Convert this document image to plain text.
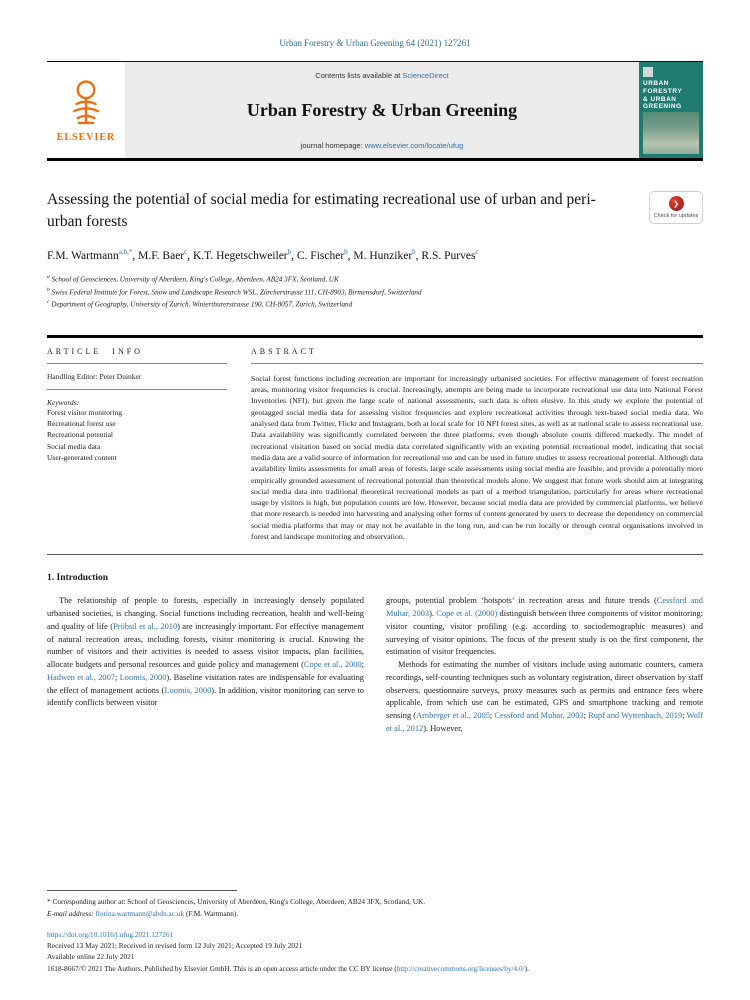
Urban Forestry & Urban Greening 64 (2021) 127261
ELSEVIER
Contents lists available at ScienceDirect
Urban Forestry & Urban Greening
journal homepage: www.elsevier.com/locate/ufug
URBAN
FORESTRY
& URBAN
GREENING
Assessing the potential of social media for estimating recreational use of urban and peri-urban forests
❯
Check for updates
F.M. Wartmann$^{a,b,*}$, M.F. Baer$^c$, K.T. Hegetschweiler$^b$, C. Fischer$^b$, M. Hunziker$^b$, R.S. Purves$^c$
$^a$ School of Geosciences, University of Aberdeen, King's College, Aberdeen, AB24 3FX, Scotland, UK
$^b$ Swiss Federal Institute for Forest, Snow and Landscape Research WSL, Zürcherstrasse 111, CH-8903, Birmensdorf, Switzerland
$^c$ Department of Geography, University of Zurich, Winterthurerstrasse 190, CH-8057, Zurich, Switzerland
ARTICLE INFO
Handling Editor: Peter Duinker
Keywords:
Forest visitor monitoring
Recreational forest use
Recreational potential
Social media data
User-generated content
ABSTRACT
Social forest functions including recreation are important for increasingly urbanised societies. For effective management of forest recreation areas, monitoring visitor frequencies is crucial. Increasingly, attempts are being made to incorporate recreational use data into National Forest Inventories (NFI), but given the large scale of national assessments, such data is often elusive. In this study we explore the potential of geotagged social media data for assessing visitor frequencies and explore recreational activities through text-based social media data. We analysed data from Twitter, Flickr and Instagram, both at local scale for 10 NFI forest sites, as well as at national scale to assess recreational use. Data availability was significantly correlated between the three platforms, even though absolute counts differed markedly. The model of recreational visitation based on social media data correlated significantly with an existing potential recreational model, indicating that social media data are a valid source of information for recreational use and can be used in future studies to assess recreational potential. Although data availability limits assessments for small areas of forests, large scale assessments using social media are feasible, and provide a potentially more empirically grounded assessment of recreational potential than theoretical models alone. We suggest that future work should aim at integrating social media data into traditional theoretical recreational models as part of a method triangulation, particularly for areas where recreational usage by visitors is high, but population counts are low. However, because social media data are provided by commercial platforms, we believe that more research is needed into harvesting and analysing other forms of content generated by users to decrease the dependency on commercial social media platforms that may or may not be available in the long run, and can be run locally or through central organisations involved in forest and landscape monitoring and observation.
1. Introduction

The relationship of people to forests, especially in increasingly densely populated urbanised societies, is changing. Social functions including recreation, health and well-being and quality of life (Pröbstl et al., 2010) are increasingly important. For effective management of natural recreation areas, including forests, visitor monitoring is crucial. Knowing the number of visitors and their activities is needed to assess visitor impacts, plan facilities, allocate budgets and personal resources and guide policy and management (Cope et al., 2000; Hadwen et al., 2007; Loomis, 2000). Baseline visitation rates are indispensable for evaluating the effect of management actions (Loomis, 2000). In addition, visitor monitoring can serve to identify conflicts between visitor

groups, potential problem ‘hotspots’ in recreation areas and future trends (Cessford and Muhar, 2003). Cope et al. (2000) distinguish between three components of visitor monitoring: visitor counting, visitor profiling (e.g. according to sociodemographic measures) and surveying of visitor opinions. The focus of the present study is on the first component, the estimation of visitor frequencies.

Methods for estimating the number of visitors include using automatic counters, camera recordings, self-counting techniques such as voluntary registration, direct observation by staff observers, questionnaire surveys, proxy measures such as permits and entrance fees where applicable, from which use can be estimated, GPS and smartphone tracking and remote sensing (Arnberger et al., 2005; Cessford and Muhar, 2003; Rupf and Wyttenbach, 2019; Wolf et al., 2012). However,

* Corresponding author at: School of Geosciences, University of Aberdeen, King's College, Aberdeen, AB24 3FX, Scotland, UK.
E-mail address: florina.wartmann@abdn.ac.uk (F.M. Wartmann).
https://doi.org/10.1016/j.ufug.2021.127261
Received 13 May 2021; Received in revised form 12 July 2021; Accepted 19 July 2021
Available online 22 July 2021
1618-8667/© 2021 The Authors. Published by Elsevier GmbH. This is an open access article under the CC BY license (http://creativecommons.org/licenses/by/4.0/).
